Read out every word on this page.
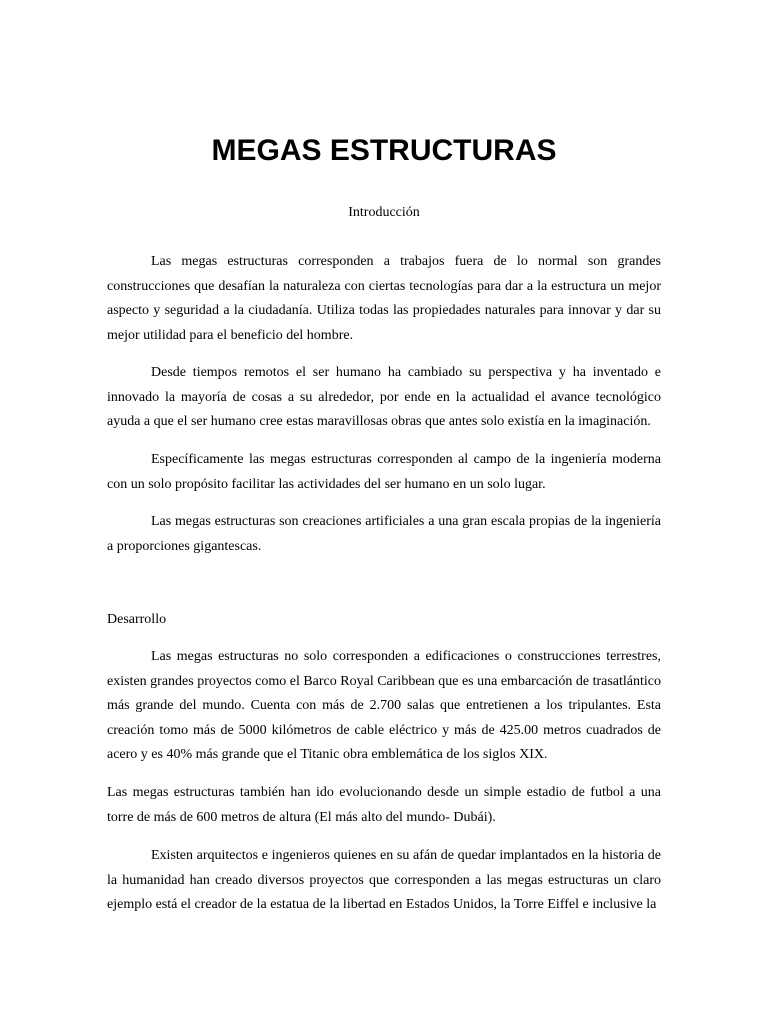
MEGAS ESTRUCTURAS
Introducción

Las megas estructuras corresponden a trabajos fuera de lo normal son grandes construcciones que desafían la naturaleza con ciertas tecnologías para dar a la estructura un mejor aspecto y seguridad a la ciudadanía. Utiliza todas las propiedades naturales para innovar y dar su mejor utilidad para el beneficio del hombre.

Desde tiempos remotos el ser humano ha cambiado su perspectiva y ha inventado e innovado la mayoría de cosas a su alrededor, por ende en la actualidad el avance tecnológico ayuda a que el ser humano cree estas maravillosas obras que antes solo existía en la imaginación.

Específicamente las megas estructuras corresponden al campo de la ingeniería moderna con un solo propósito facilitar las actividades del ser humano en un solo lugar.

Las megas estructuras son creaciones artificiales a una gran escala propias de la ingeniería a proporciones gigantescas.

Desarrollo

Las megas estructuras no solo corresponden a edificaciones o construcciones terrestres, existen grandes proyectos como el Barco Royal Caribbean que es una embarcación de trasatlántico más grande del mundo. Cuenta con más de 2.700 salas que entretienen a los tripulantes. Esta creación tomo más de 5000 kilómetros de cable eléctrico y más de 425.00 metros cuadrados de acero y es 40% más grande que el Titanic obra emblemática de los siglos XIX.

Las megas estructuras también han ido evolucionando desde un simple estadio de futbol a una torre de más de 600 metros de altura (El más alto del mundo- Dubái).

Existen arquitectos e ingenieros quienes en su afán de quedar implantados en la historia de la humanidad han creado diversos proyectos que corresponden a las megas estructuras un claro ejemplo está el creador de la estatua de la libertad en Estados Unidos, la Torre Eiffel e inclusive la
